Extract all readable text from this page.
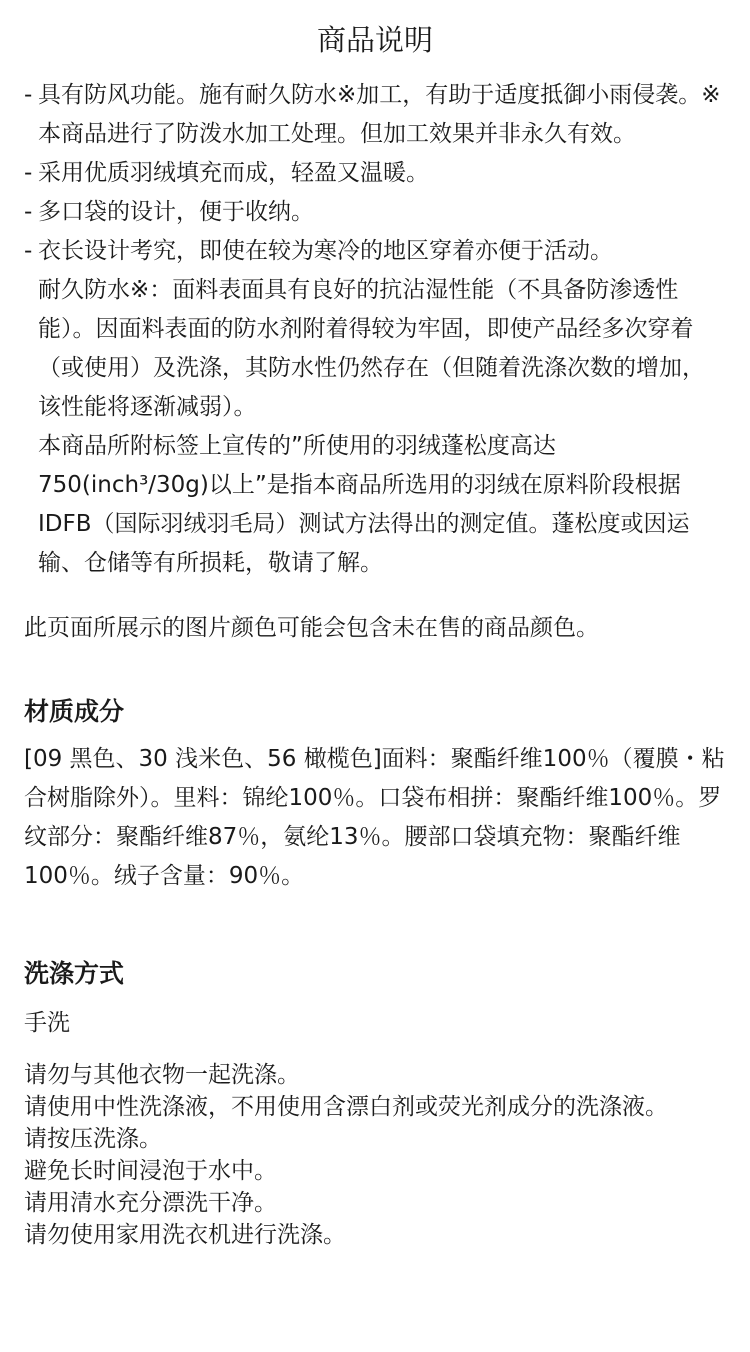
商品说明
- 具有防风功能。施有耐久防水※加工，有助于适度抵御小雨侵袭。※本商品进行了防泼水加工处理。但加工效果并非永久有效。
- 采用优质羽绒填充而成，轻盈又温暖。
- 多口袋的设计，便于收纳。
- 衣长设计考究，即使在较为寒冷的地区穿着亦便于活动。
耐久防水※：面料表面具有良好的抗沾湿性能（不具备防渗透性能）。因面料表面的防水剂附着得较为牢固，即使产品经多次穿着（或使用）及洗涤，其防水性仍然存在（但随着洗涤次数的增加，该性能将逐渐减弱）。
本商品所附标签上宣传的”所使用的羽绒蓬松度高达750(inch³/30g)以上”是指本商品所选用的羽绒在原料阶段根据IDFB（国际羽绒羽毛局）测试方法得出的测定值。蓬松度或因运输、仓储等有所损耗，敬请了解。
此页面所展示的图片颜色可能会包含未在售的商品颜色。
材质成分
[09 黑色、30 浅米色、56 橄榄色]面料：聚酯纤维100％（覆膜・粘合树脂除外）。里料：锦纶100％。口袋布相拼：聚酯纤维100％。罗纹部分：聚酯纤维87％，氨纶13％。腰部口袋填充物：聚酯纤维100％。绒子含量：90％。
洗涤方式
手洗
请勿与其他衣物一起洗涤。
请使用中性洗涤液，不用使用含漂白剂或荧光剂成分的洗涤液。
请按压洗涤。
避免长时间浸泡于水中。
请用清水充分漂洗干净。
请勿使用家用洗衣机进行洗涤。
